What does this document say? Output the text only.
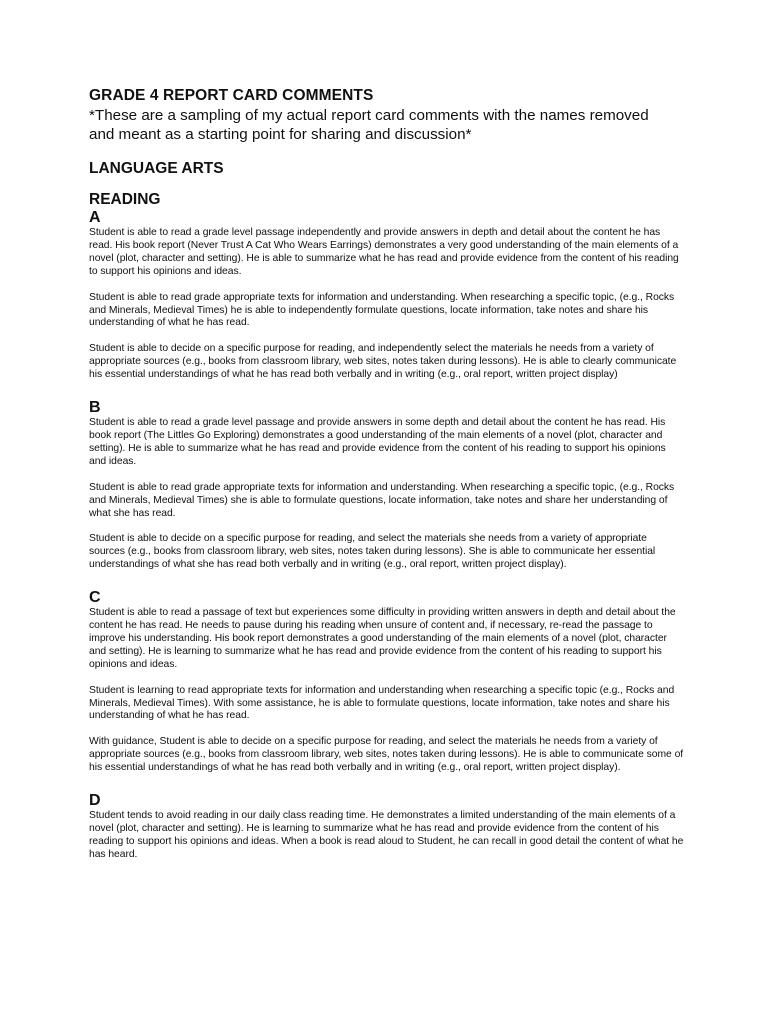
GRADE 4 REPORT CARD COMMENTS

*These are a sampling of my actual report card comments with the names removed and meant as a starting point for sharing and discussion*

LANGUAGE ARTS
READING
A

Student is able to read a grade level passage independently and provide answers in depth and detail about the content he has read. His book report (Never Trust A Cat Who Wears Earrings) demonstrates a very good understanding of the main elements of a novel (plot, character and setting). He is able to summarize what he has read and provide evidence from the content of his reading to support his opinions and ideas.

Student is able to read grade appropriate texts for information and understanding. When researching a specific topic, (e.g., Rocks and Minerals, Medieval Times) he is able to independently formulate questions, locate information, take notes and share his understanding of what he has read.

Student is able to decide on a specific purpose for reading, and independently select the materials he needs from a variety of appropriate sources (e.g., books from classroom library, web sites, notes taken during lessons). He is able to clearly communicate his essential understandings of what he has read both verbally and in writing (e.g., oral report, written project display)

B

Student is able to read a grade level passage and provide answers in some depth and detail about the content he has read. His book report (The Littles Go Exploring) demonstrates a good understanding of the main elements of a novel (plot, character and setting). He is able to summarize what he has read and provide evidence from the content of his reading to support his opinions and ideas.

Student is able to read grade appropriate texts for information and understanding. When researching a specific topic, (e.g., Rocks and Minerals, Medieval Times) she is able to formulate questions, locate information, take notes and share her understanding of what she has read.

Student is able to decide on a specific purpose for reading, and select the materials she needs from a variety of appropriate sources (e.g., books from classroom library, web sites, notes taken during lessons). She is able to communicate her essential understandings of what she has read both verbally and in writing (e.g., oral report, written project display).

C

Student is able to read a passage of text but experiences some difficulty in providing written answers in depth and detail about the content he has read. He needs to pause during his reading when unsure of content and, if necessary, re-read the passage to improve his understanding. His book report demonstrates a good understanding of the main elements of a novel (plot, character and setting). He is learning to summarize what he has read and provide evidence from the content of his reading to support his opinions and ideas.

Student is learning to read appropriate texts for information and understanding when researching a specific topic (e.g., Rocks and Minerals, Medieval Times). With some assistance, he is able to formulate questions, locate information, take notes and share his understanding of what he has read.

With guidance, Student is able to decide on a specific purpose for reading, and select the materials he needs from a variety of appropriate sources (e.g., books from classroom library, web sites, notes taken during lessons). He is able to communicate some of his essential understandings of what he has read both verbally and in writing (e.g., oral report, written project display).

D

Student tends to avoid reading in our daily class reading time. He demonstrates a limited understanding of the main elements of a novel (plot, character and setting). He is learning to summarize what he has read and provide evidence from the content of his reading to support his opinions and ideas. When a book is read aloud to Student, he can recall in good detail the content of what he has heard.
